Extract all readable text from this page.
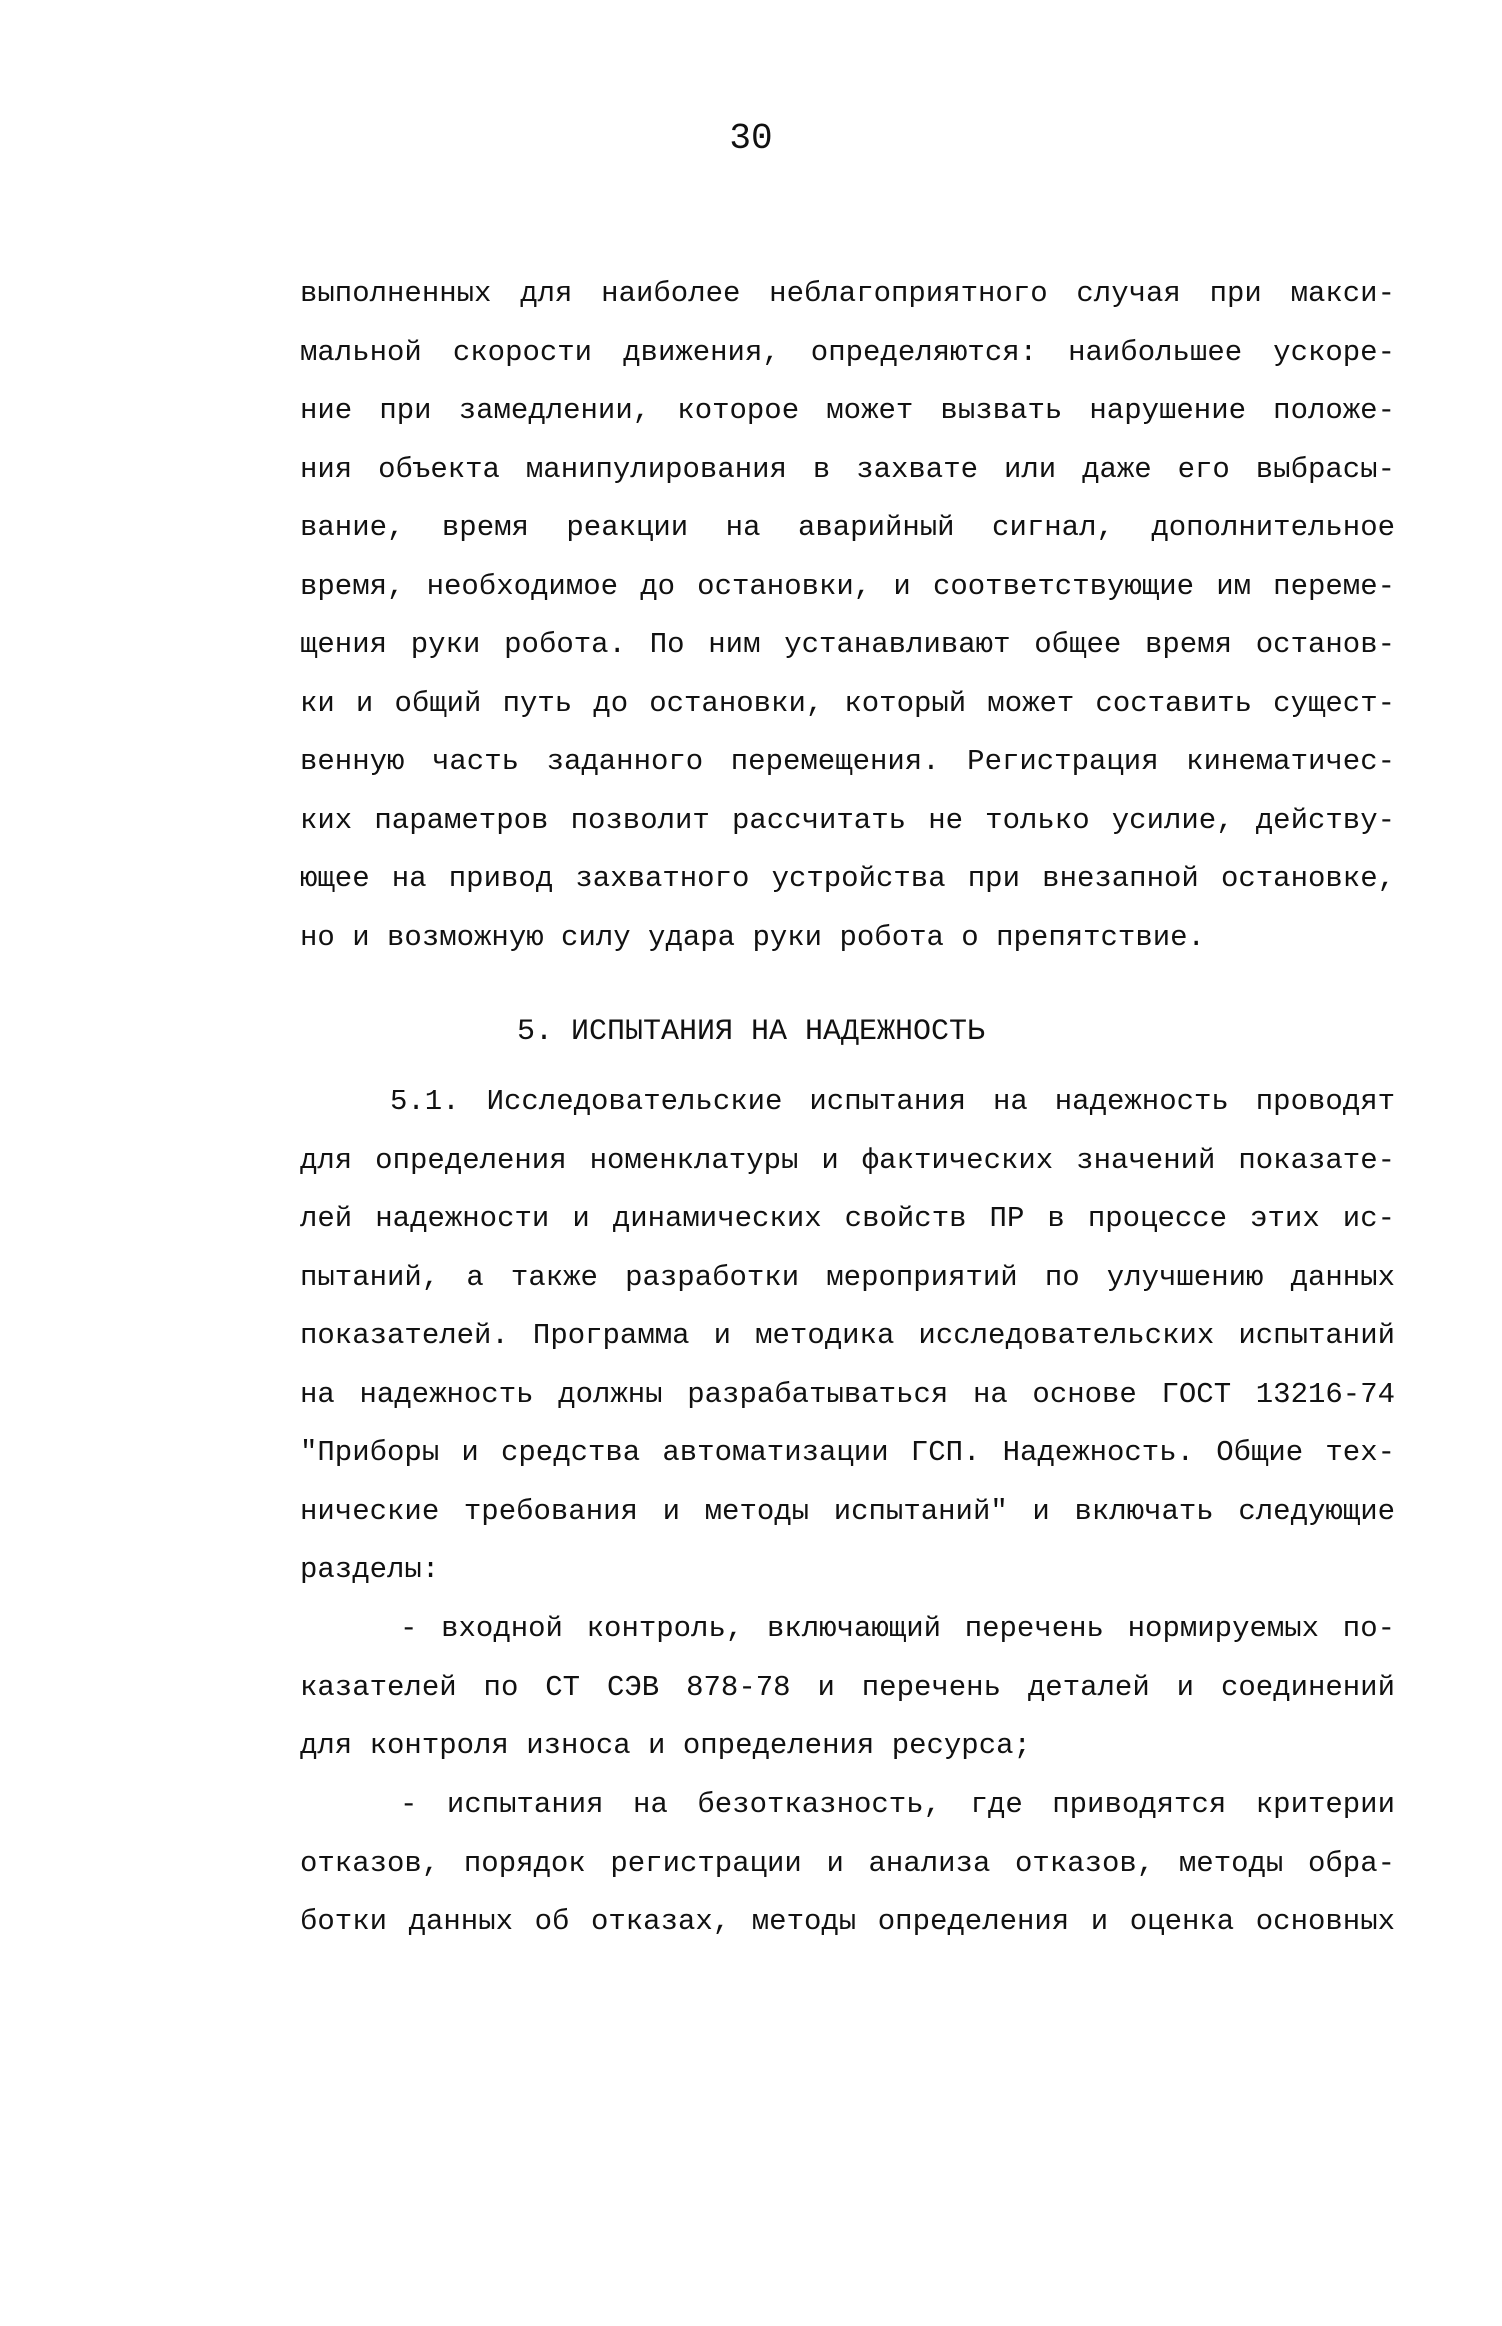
30
выполненных для наиболее неблагоприятного случая при макси-
мальной скорости движения, определяются: наибольшее ускоре-
ние при замедлении, которое может вызвать нарушение положе-
ния объекта манипулирования в захвате или даже его выбрасы-
вание, время реакции на аварийный сигнал, дополнительное
время, необходимое до остановки, и соответствующие им переме-
щения руки робота. По ним устанавливают общее время останов-
ки и общий путь до остановки, который может составить сущест-
венную часть заданного перемещения. Регистрация кинематичес-
ких параметров позволит рассчитать не только усилие, действу-
ющее на привод захватного устройства при внезапной остановке,
но и возможную силу удара руки робота о препятствие.
5. ИСПЫТАНИЯ НА НАДЕЖНОСТЬ
5.1. Исследовательские испытания на надежность проводят
для определения номенклатуры и фактических значений показате-
лей надежности и динамических свойств ПР в процессе этих ис-
пытаний, а также разработки мероприятий по улучшению данных
показателей. Программа и методика исследовательских испытаний
на надежность должны разрабатываться на основе ГОСТ 13216-74
"Приборы и средства автоматизации ГСП. Надежность. Общие тех-
нические требования и методы испытаний" и включать следующие
разделы:
- входной контроль, включающий перечень нормируемых по-
казателей по СТ СЭВ 878-78 и перечень деталей и соединений
для контроля износа и определения ресурса;
- испытания на безотказность, где приводятся критерии
отказов, порядок регистрации и анализа отказов, методы обра-
ботки данных об отказах, методы определения и оценка основных
